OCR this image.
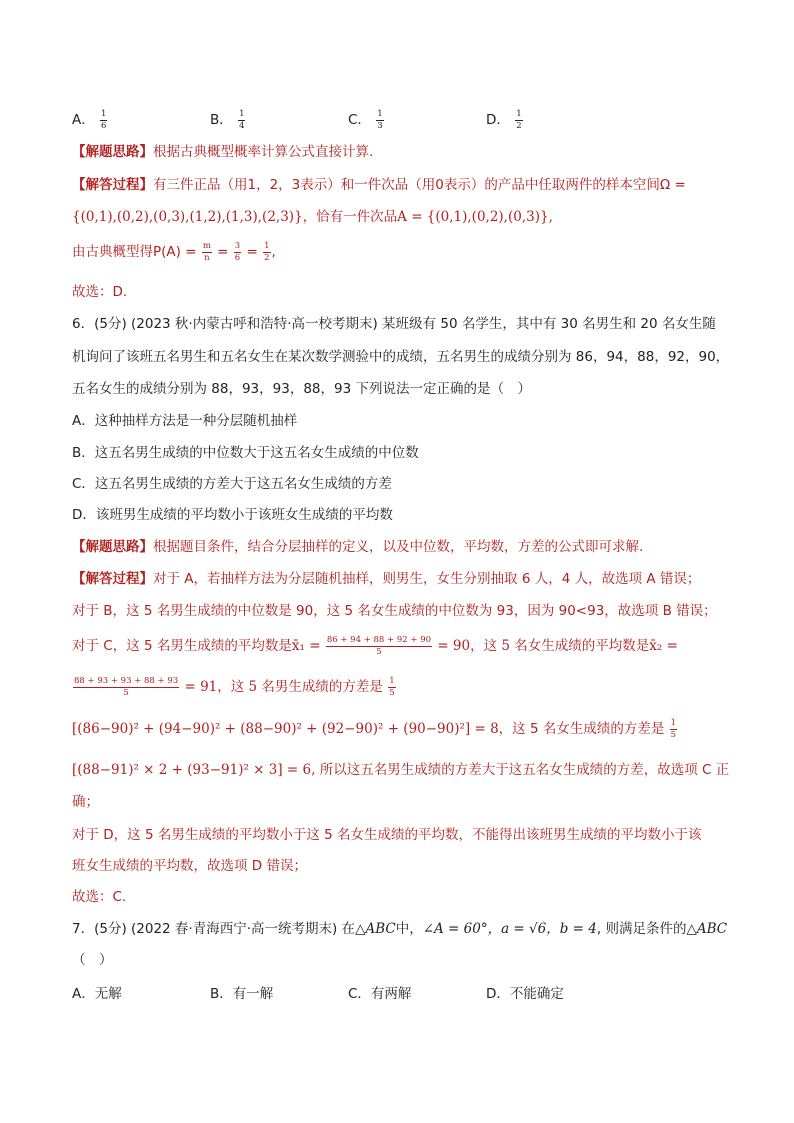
A． $\frac{1}{6}$	B． $\frac{1}{4}$	C． $\frac{1}{3}$	D． $\frac{1}{2}$
【解题思路】根据古典概型概率计算公式直接计算.
【解答过程】有三件正品（用1，2，3表示）和一件次品（用0表示）的产品中任取两件的样本空间Ω =
{(0,1),(0,2),(0,3),(1,2),(1,3),(2,3)}，恰有一件次品A = {(0,1),(0,2),(0,3)},
由古典概型得$P(A) = \frac{m}{n} = \frac{3}{6} = \frac{1}{2}$ ,
故选：D.
6．(5分) (2023 秋·内蒙古呼和浩特·高一校考期末) 某班级有 50 名学生，其中有 30 名男生和 20 名女生随
机询问了该班五名男生和五名女生在某次数学测验中的成绩，五名男生的成绩分别为 86，94，88，92，90，
五名女生的成绩分别为 88，93，93，88，93 下列说法一定正确的是（　）
A．这种抽样方法是一种分层随机抽样
B．这五名男生成绩的中位数大于这五名女生成绩的中位数
C．这五名男生成绩的方差大于这五名女生成绩的方差
D．该班男生成绩的平均数小于该班女生成绩的平均数
【解题思路】根据题目条件，结合分层抽样的定义，以及中位数，平均数，方差的公式即可求解.
【解答过程】对于 A，若抽样方法为分层随机抽样，则男生，女生分别抽取 6 人，4 人，故选项 A 错误；
对于 B，这 5 名男生成绩的中位数是 90，这 5 名女生成绩的中位数为 93，因为 90<93，故选项 B 错误；
对于 C，这 5 名男生成绩的平均数是x̄₁ = $\frac{86 + 94 + 88 + 92 + 90}{5} = 90$，这 5 名女生成绩的平均数是x̄₂ =
$\frac{88 + 93 + 93 + 88 + 93}{5} = 91$，这 5 名男生成绩的方差是 $\frac{1}{5}$
[(86−90)² + (94−90)² + (88−90)² + (92−90)² + (90−90)²] = 8，这 5 名女生成绩的方差是 $\frac{1}{5}$
[(88−91)² × 2 + (93−91)² × 3] = 6, 所以这五名男生成绩的方差大于这五名女生成绩的方差，故选项 C 正
确；
对于 D，这 5 名男生成绩的平均数小于这 5 名女生成绩的平均数，不能得出该班男生成绩的平均数小于该
班女生成绩的平均数，故选项 D 错误；
故选：C.
7．(5分) (2022 春·青海西宁·高一统考期末) 在△ABC中，∠A = 60°，a = √6，b = 4, 则满足条件的△ABC
（　）
A．无解	B．有一解	C．有两解	D．不能确定
